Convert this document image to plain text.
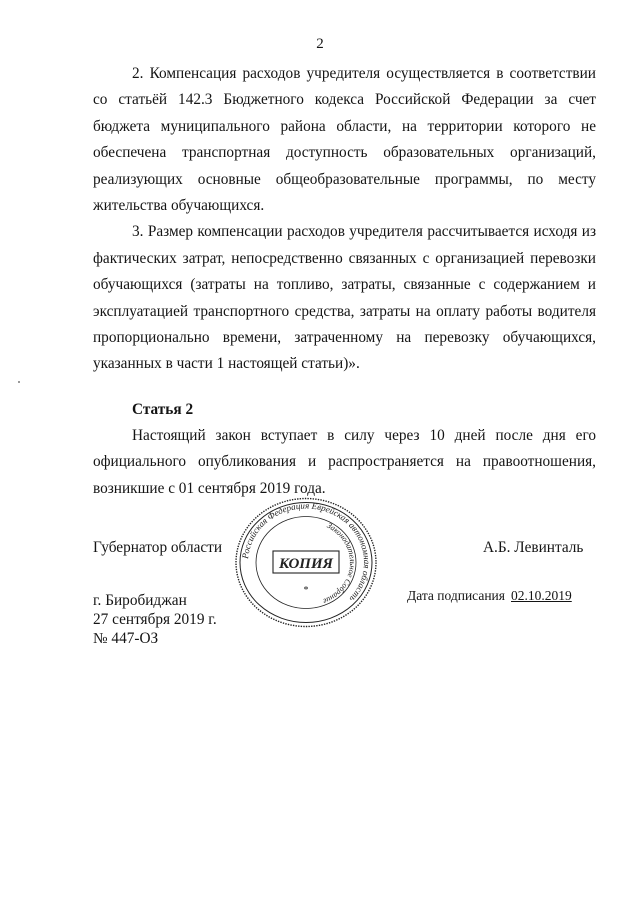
2

2. Компенсация расходов учредителя осуществляется в соответствии со статьёй 142.3 Бюджетного кодекса Российской Федерации за счет бюджета муниципального района области, на территории которого не обеспечена транспортная доступность образовательных организаций, реализующих основные общеобразовательные программы, по месту жительства обучающихся.

3. Размер компенсации расходов учредителя рассчитывается исходя из фактических затрат, непосредственно связанных с организацией перевозки обучающихся (затраты на топливо, затраты, связанные с содержанием и эксплуатацией транспортного средства, затраты на оплату работы водителя пропорционально времени, затраченному на перевозку обучающихся, указанных в части 1 настоящей статьи)».

Статья 2

Настоящий закон вступает в силу через 10 дней после дня его официального опубликования и распространяется на правоотношения, возникшие с 01 сентября 2019 года.

Губернатор области	А.Б. Левинталь
Дата подписания 02.10.2019
г. Биробиджан
27 сентября 2019 г.
№ 447-ОЗ
Российская Федерация Еврейская автономная область
Законодательное Собрание
КОПИЯ
*
